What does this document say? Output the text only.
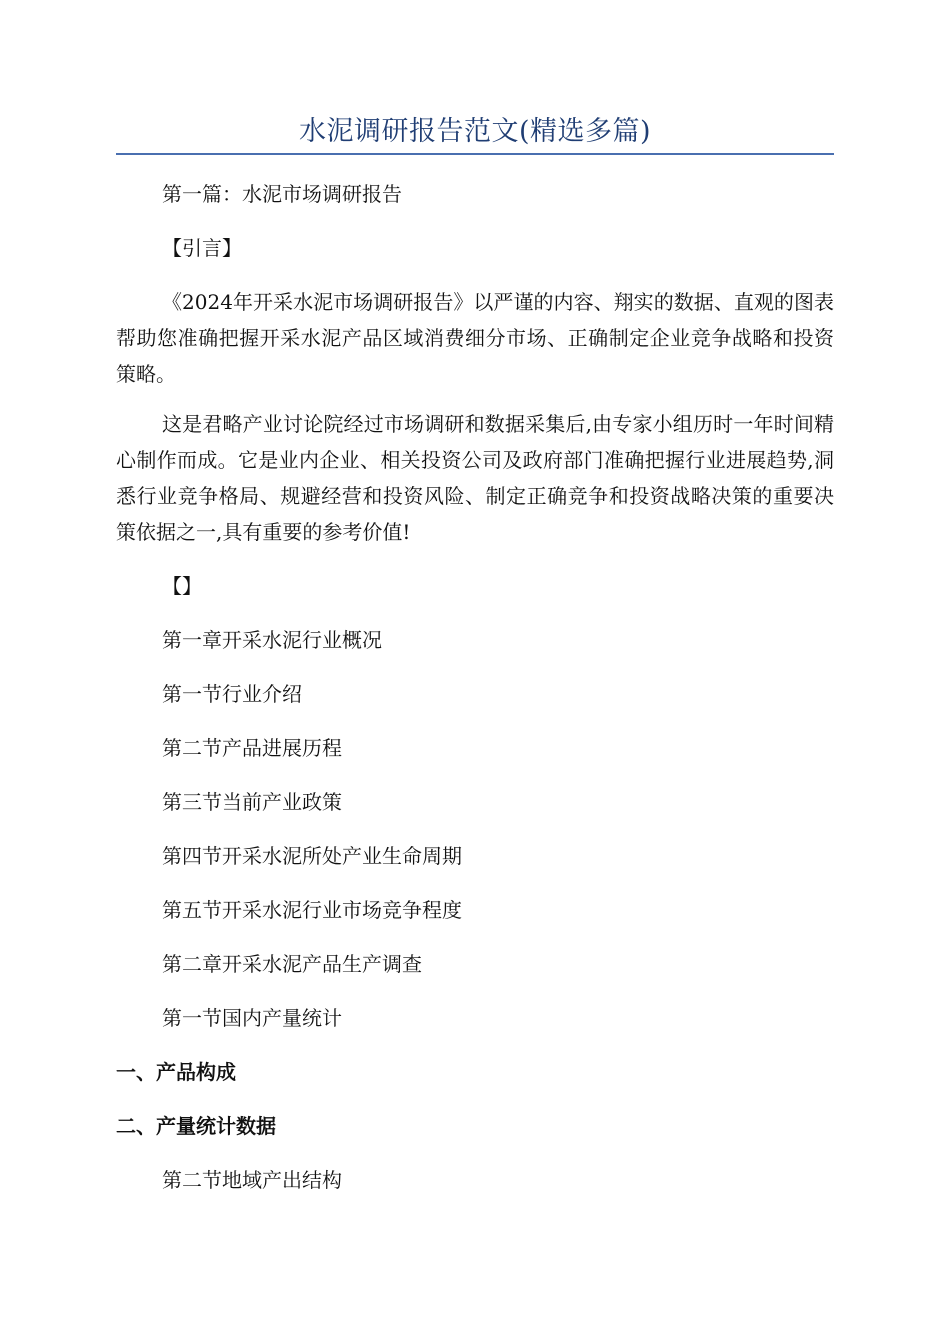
水泥调研报告范文(精选多篇)

第一篇：水泥市场调研报告

【引言】

《2024年开采水泥市场调研报告》以严谨的内容、翔实的数据、直观的图表帮助您准确把握开采水泥产品区域消费细分市场、正确制定企业竞争战略和投资策略。

这是君略产业讨论院经过市场调研和数据采集后,由专家小组历时一年时间精心制作而成。它是业内企业、相关投资公司及政府部门准确把握行业进展趋势,洞悉行业竞争格局、规避经营和投资风险、制定正确竞争和投资战略决策的重要决策依据之一,具有重要的参考价值!

【】

第一章开采水泥行业概况

第一节行业介绍

第二节产品进展历程

第三节当前产业政策

第四节开采水泥所处产业生命周期

第五节开采水泥行业市场竞争程度

第二章开采水泥产品生产调查

第一节国内产量统计

一、产品构成

二、产量统计数据

第二节地域产出结构
